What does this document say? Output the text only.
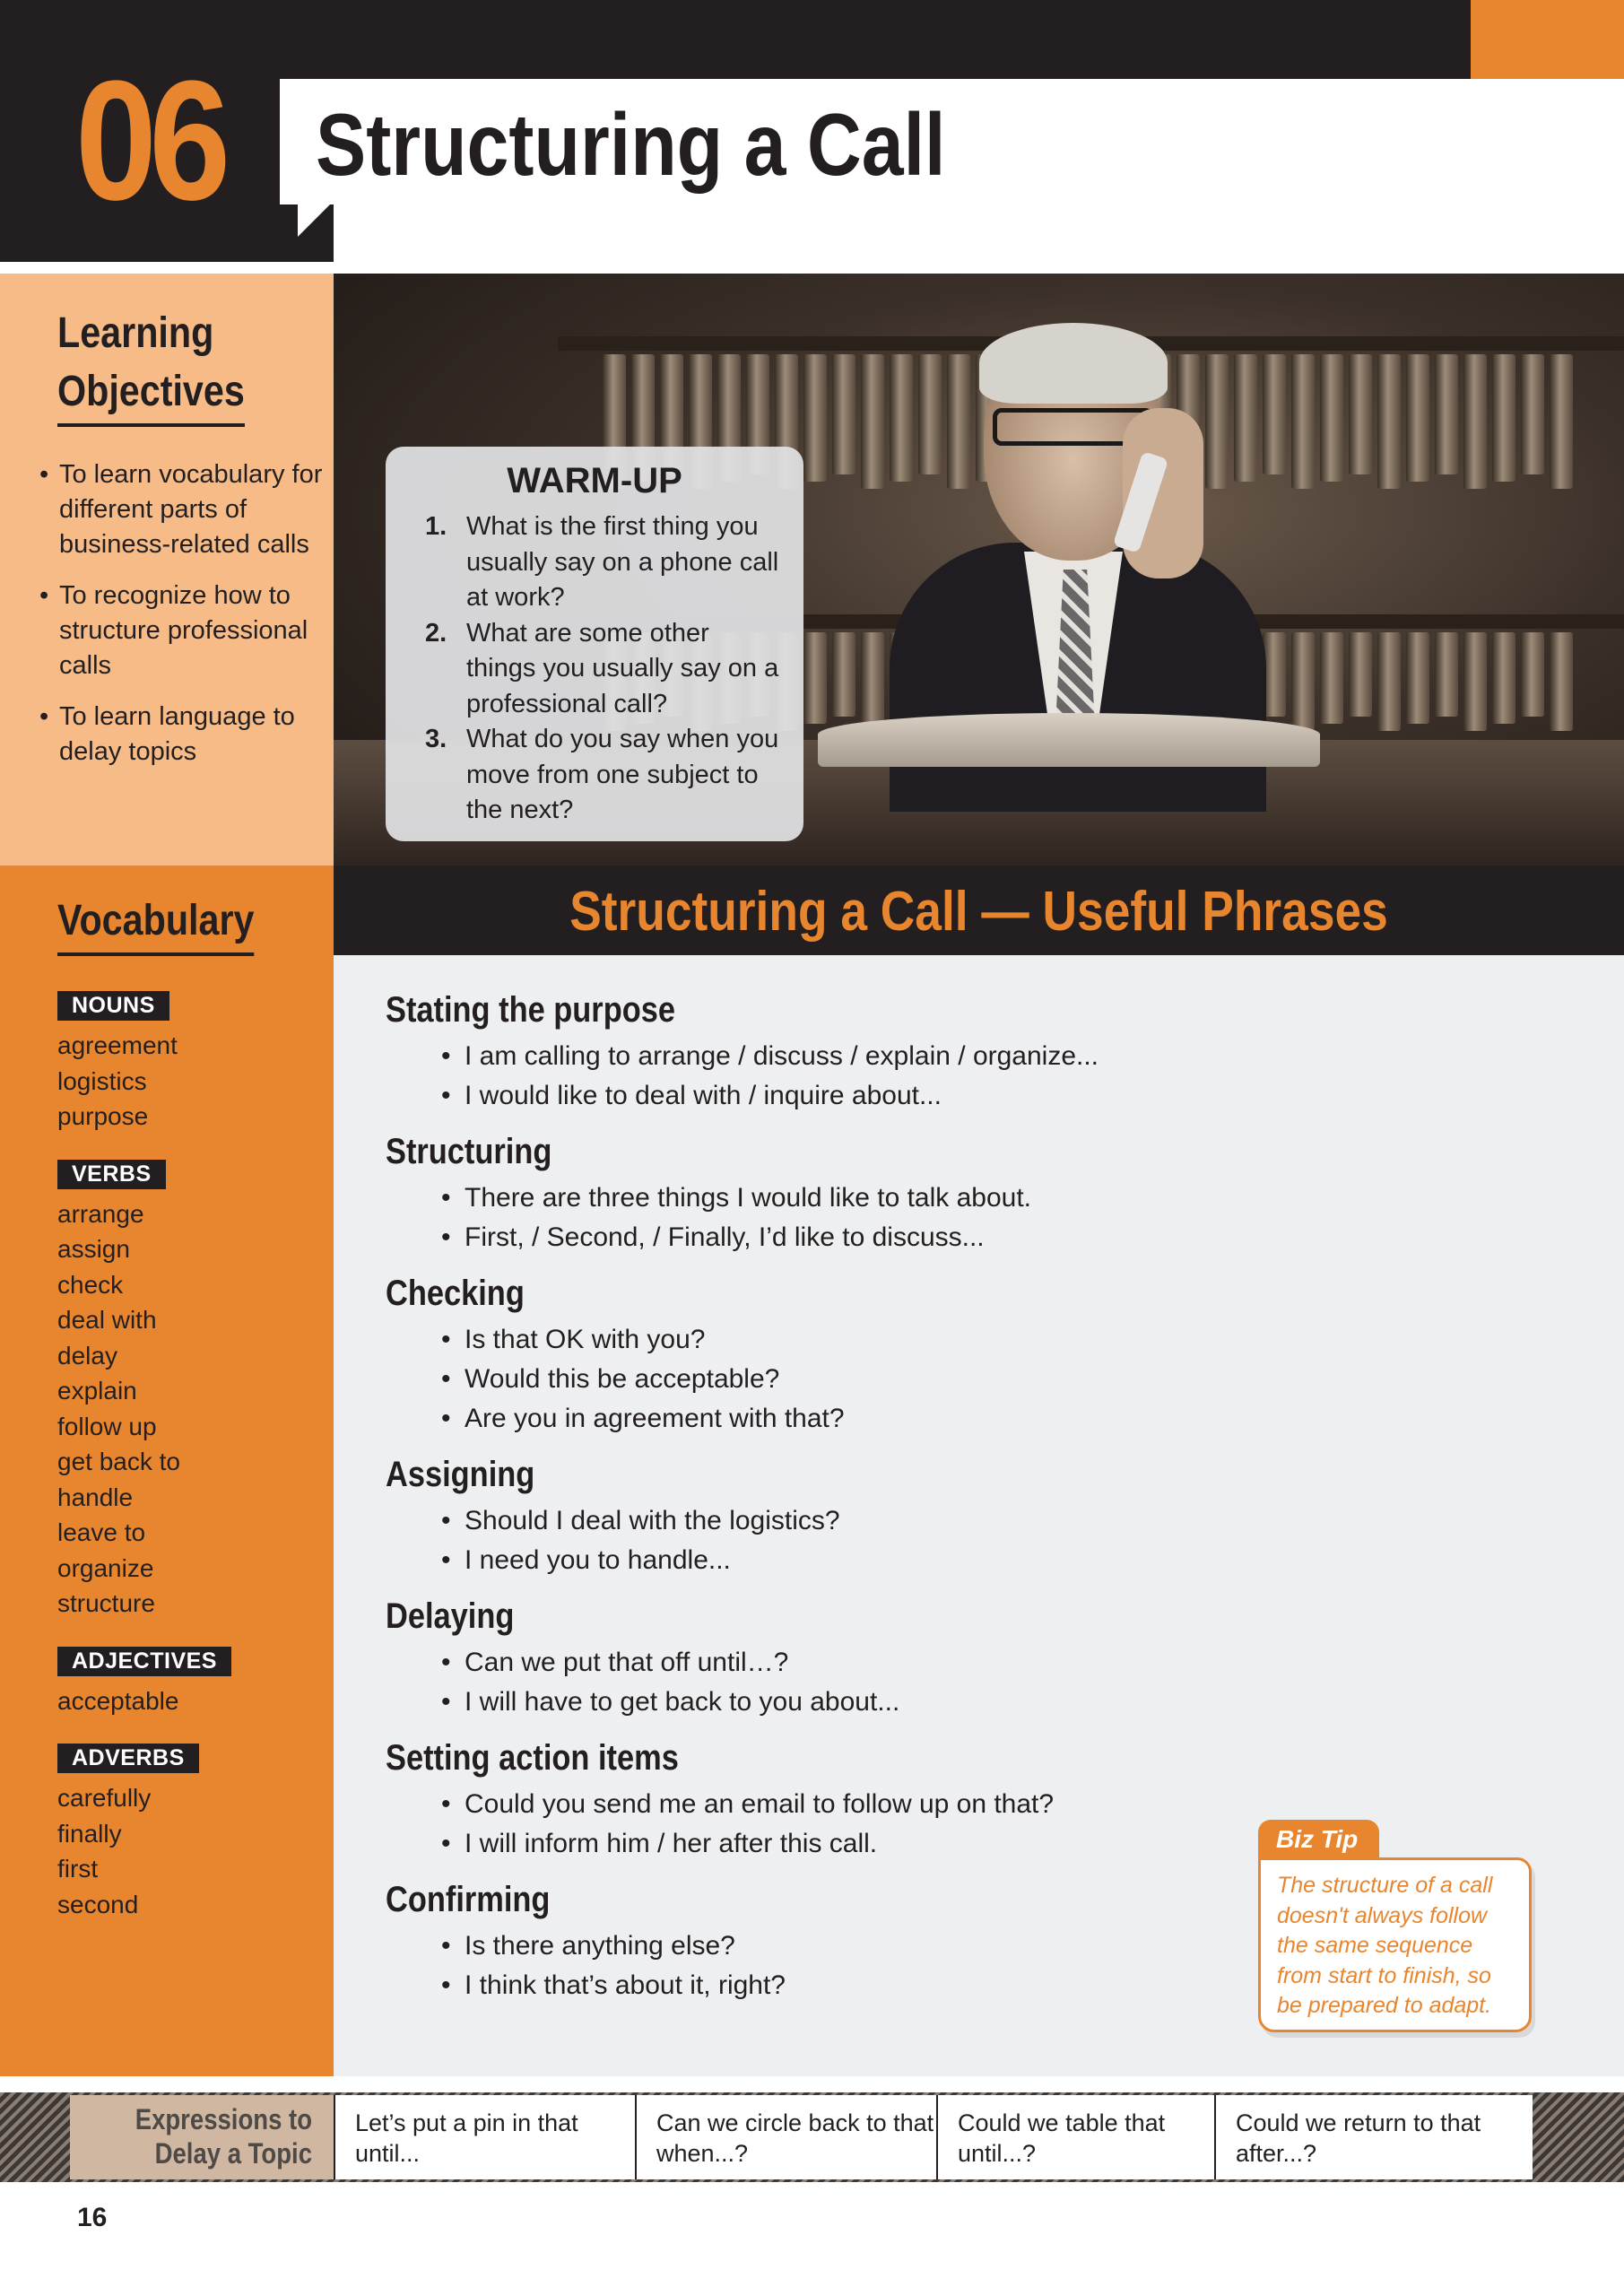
06 Structuring a Call
Learning
Objectives
• To learn vocabulary for different parts of business-related calls
• To recognize how to structure professional calls
• To learn language to delay topics
Vocabulary
NOUNS
agreement
logistics
purpose
VERBS
arrange
assign
check
deal with
delay
explain
follow up
get back to
handle
leave to
organize
structure
ADJECTIVES
acceptable
ADVERBS
carefully
finally
first
second
WARM-UP
1. What is the first thing you usually say on a phone call at work?
2. What are some other things you usually say on a professional call?
3. What do you say when you move from one subject to the next?
Structuring a Call — Useful Phrases
Stating the purpose
• I am calling to arrange / discuss / explain / organize...
• I would like to deal with / inquire about...
Structuring
• There are three things I would like to talk about.
• First, / Second, / Finally, I’d like to discuss...
Checking
• Is that OK with you?
• Would this be acceptable?
• Are you in agreement with that?
Assigning
• Should I deal with the logistics?
• I need you to handle...
Delaying
• Can we put that off until…?
• I will have to get back to you about...
Setting action items
• Could you send me an email to follow up on that?
• I will inform him / her after this call.
Confirming
• Is there anything else?
• I think that’s about it, right?
Biz Tip

The structure of a call doesn't always follow the same sequence from start to finish, so be prepared to adapt.

Expressions to
Delay a Topic
Let’s put a pin in that until...
Can we circle back to that when...?
Could we table that until...?
Could we return to that after...?
16
